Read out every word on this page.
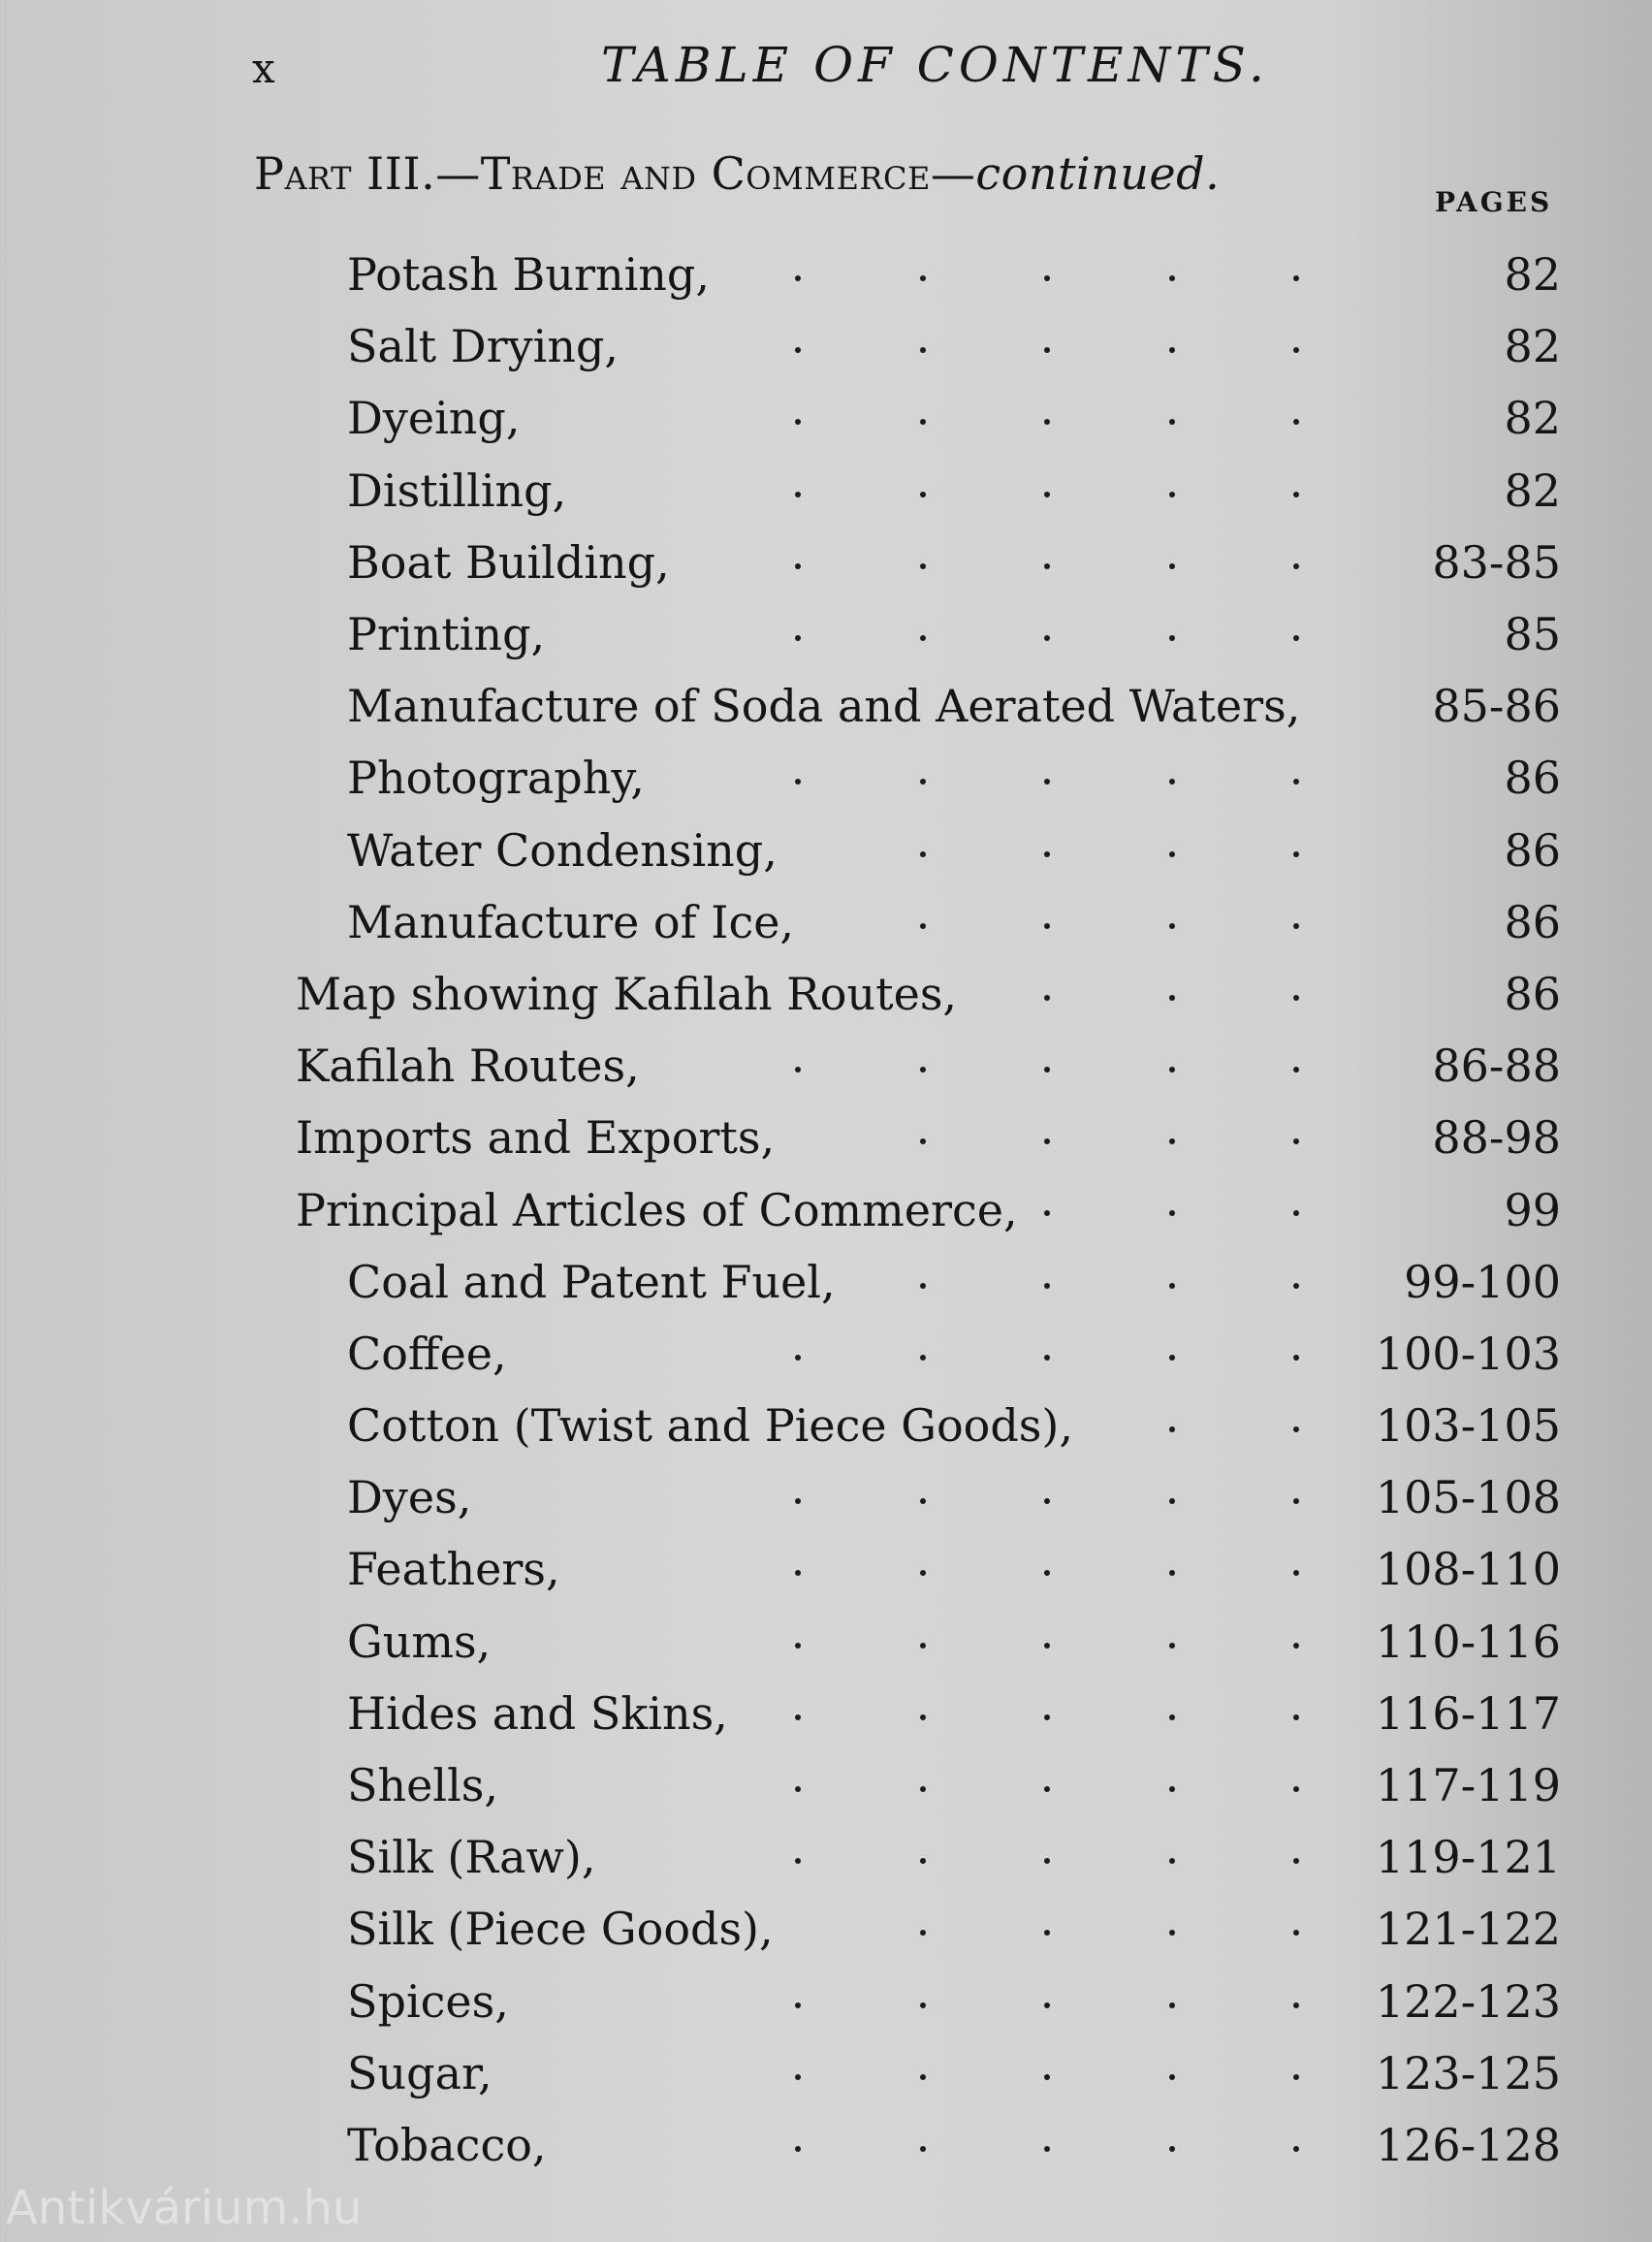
x	TABLE OF CONTENTS.
Part III.—Trade and Commerce—continued.
PAGES
Potash Burning,	82
Salt Drying,	82
Dyeing,	82
Distilling,	82
Boat Building,	83-85
Printing,	85
Manufacture of Soda and Aerated Waters,	85-86
Photography,	86
Water Condensing,	86
Manufacture of Ice,	86
Map showing Kafilah Routes,	86
Kafilah Routes,	86-88
Imports and Exports,	88-98
Principal Articles of Commerce,	99
Coal and Patent Fuel,	99-100
Coffee,	100-103
Cotton (Twist and Piece Goods),	103-105
Dyes,	105-108
Feathers,	108-110
Gums,	110-116
Hides and Skins,	116-117
Shells,	117-119
Silk (Raw),	119-121
Silk (Piece Goods),	121-122
Spices,	122-123
Sugar,	123-125
Tobacco,	126-128
Antikvárium.hu
